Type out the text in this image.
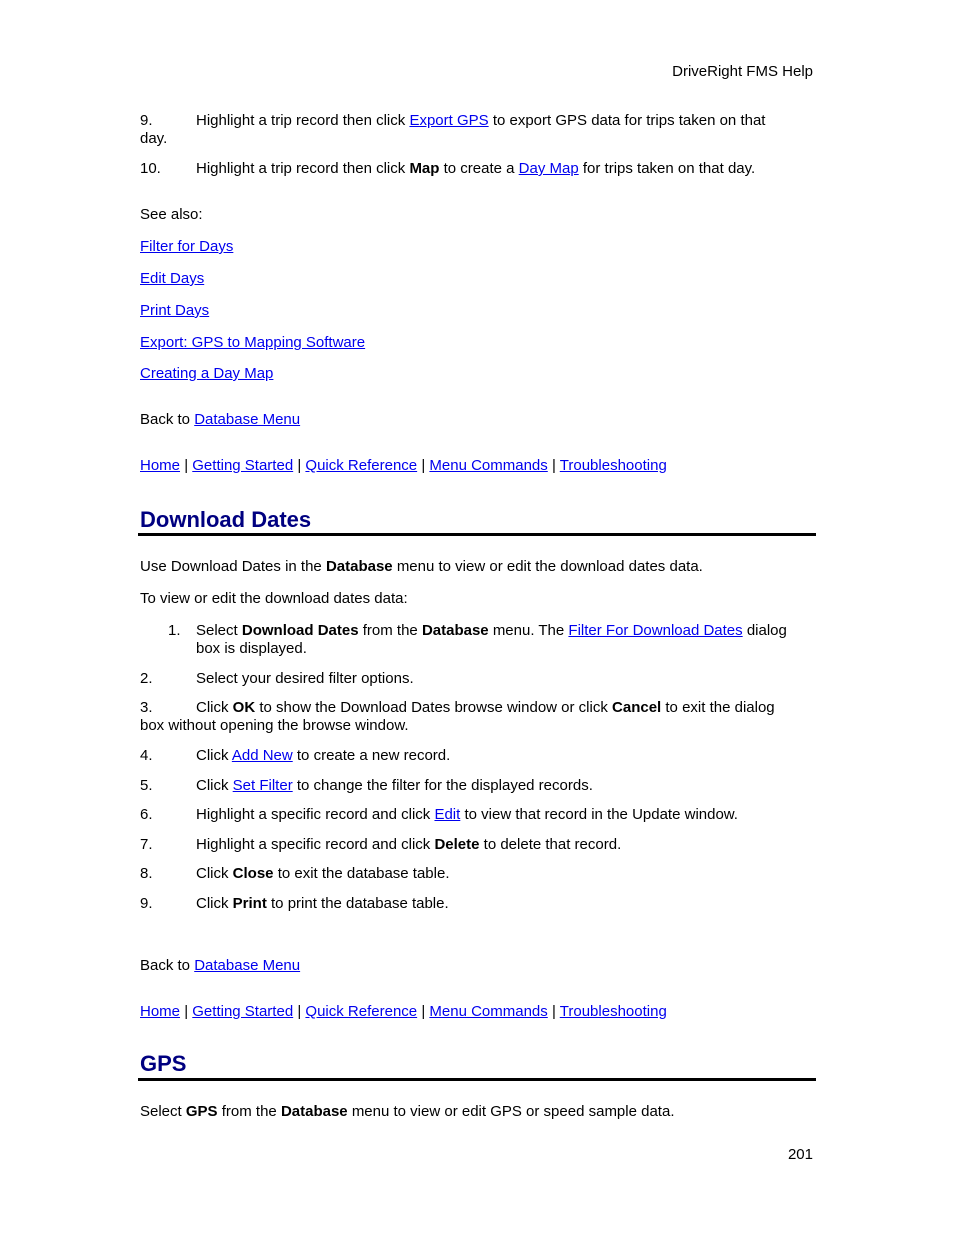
DriveRight FMS Help
9.	Highlight a trip record then click Export GPS to export GPS data for trips taken on that
day.
10. Highlight a trip record then click Map to create a Day Map for trips taken on that day.
See also:
Filter for Days
Edit Days
Print Days
Export: GPS to Mapping Software
Creating a Day Map
Back to Database Menu
Home | Getting Started | Quick Reference | Menu Commands | Troubleshooting
Download Dates
Use Download Dates in the Database menu to view or edit the download dates data.
To view or edit the download dates data:
1. Select Download Dates from the Database menu. The Filter For Download Dates dialog
box is displayed.
2.	Select your desired filter options.
3.	Click OK to show the Download Dates browse window or click Cancel to exit the dialog
box without opening the browse window.
4.	Click Add New to create a new record.
5.	Click Set Filter to change the filter for the displayed records.
6.	Highlight a specific record and click Edit to view that record in the Update window.
7.	Highlight a specific record and click Delete to delete that record.
8.	Click Close to exit the database table.
9.	Click Print to print the database table.
Back to Database Menu
Home | Getting Started | Quick Reference | Menu Commands | Troubleshooting
GPS
Select GPS from the Database menu to view or edit GPS or speed sample data.
201
